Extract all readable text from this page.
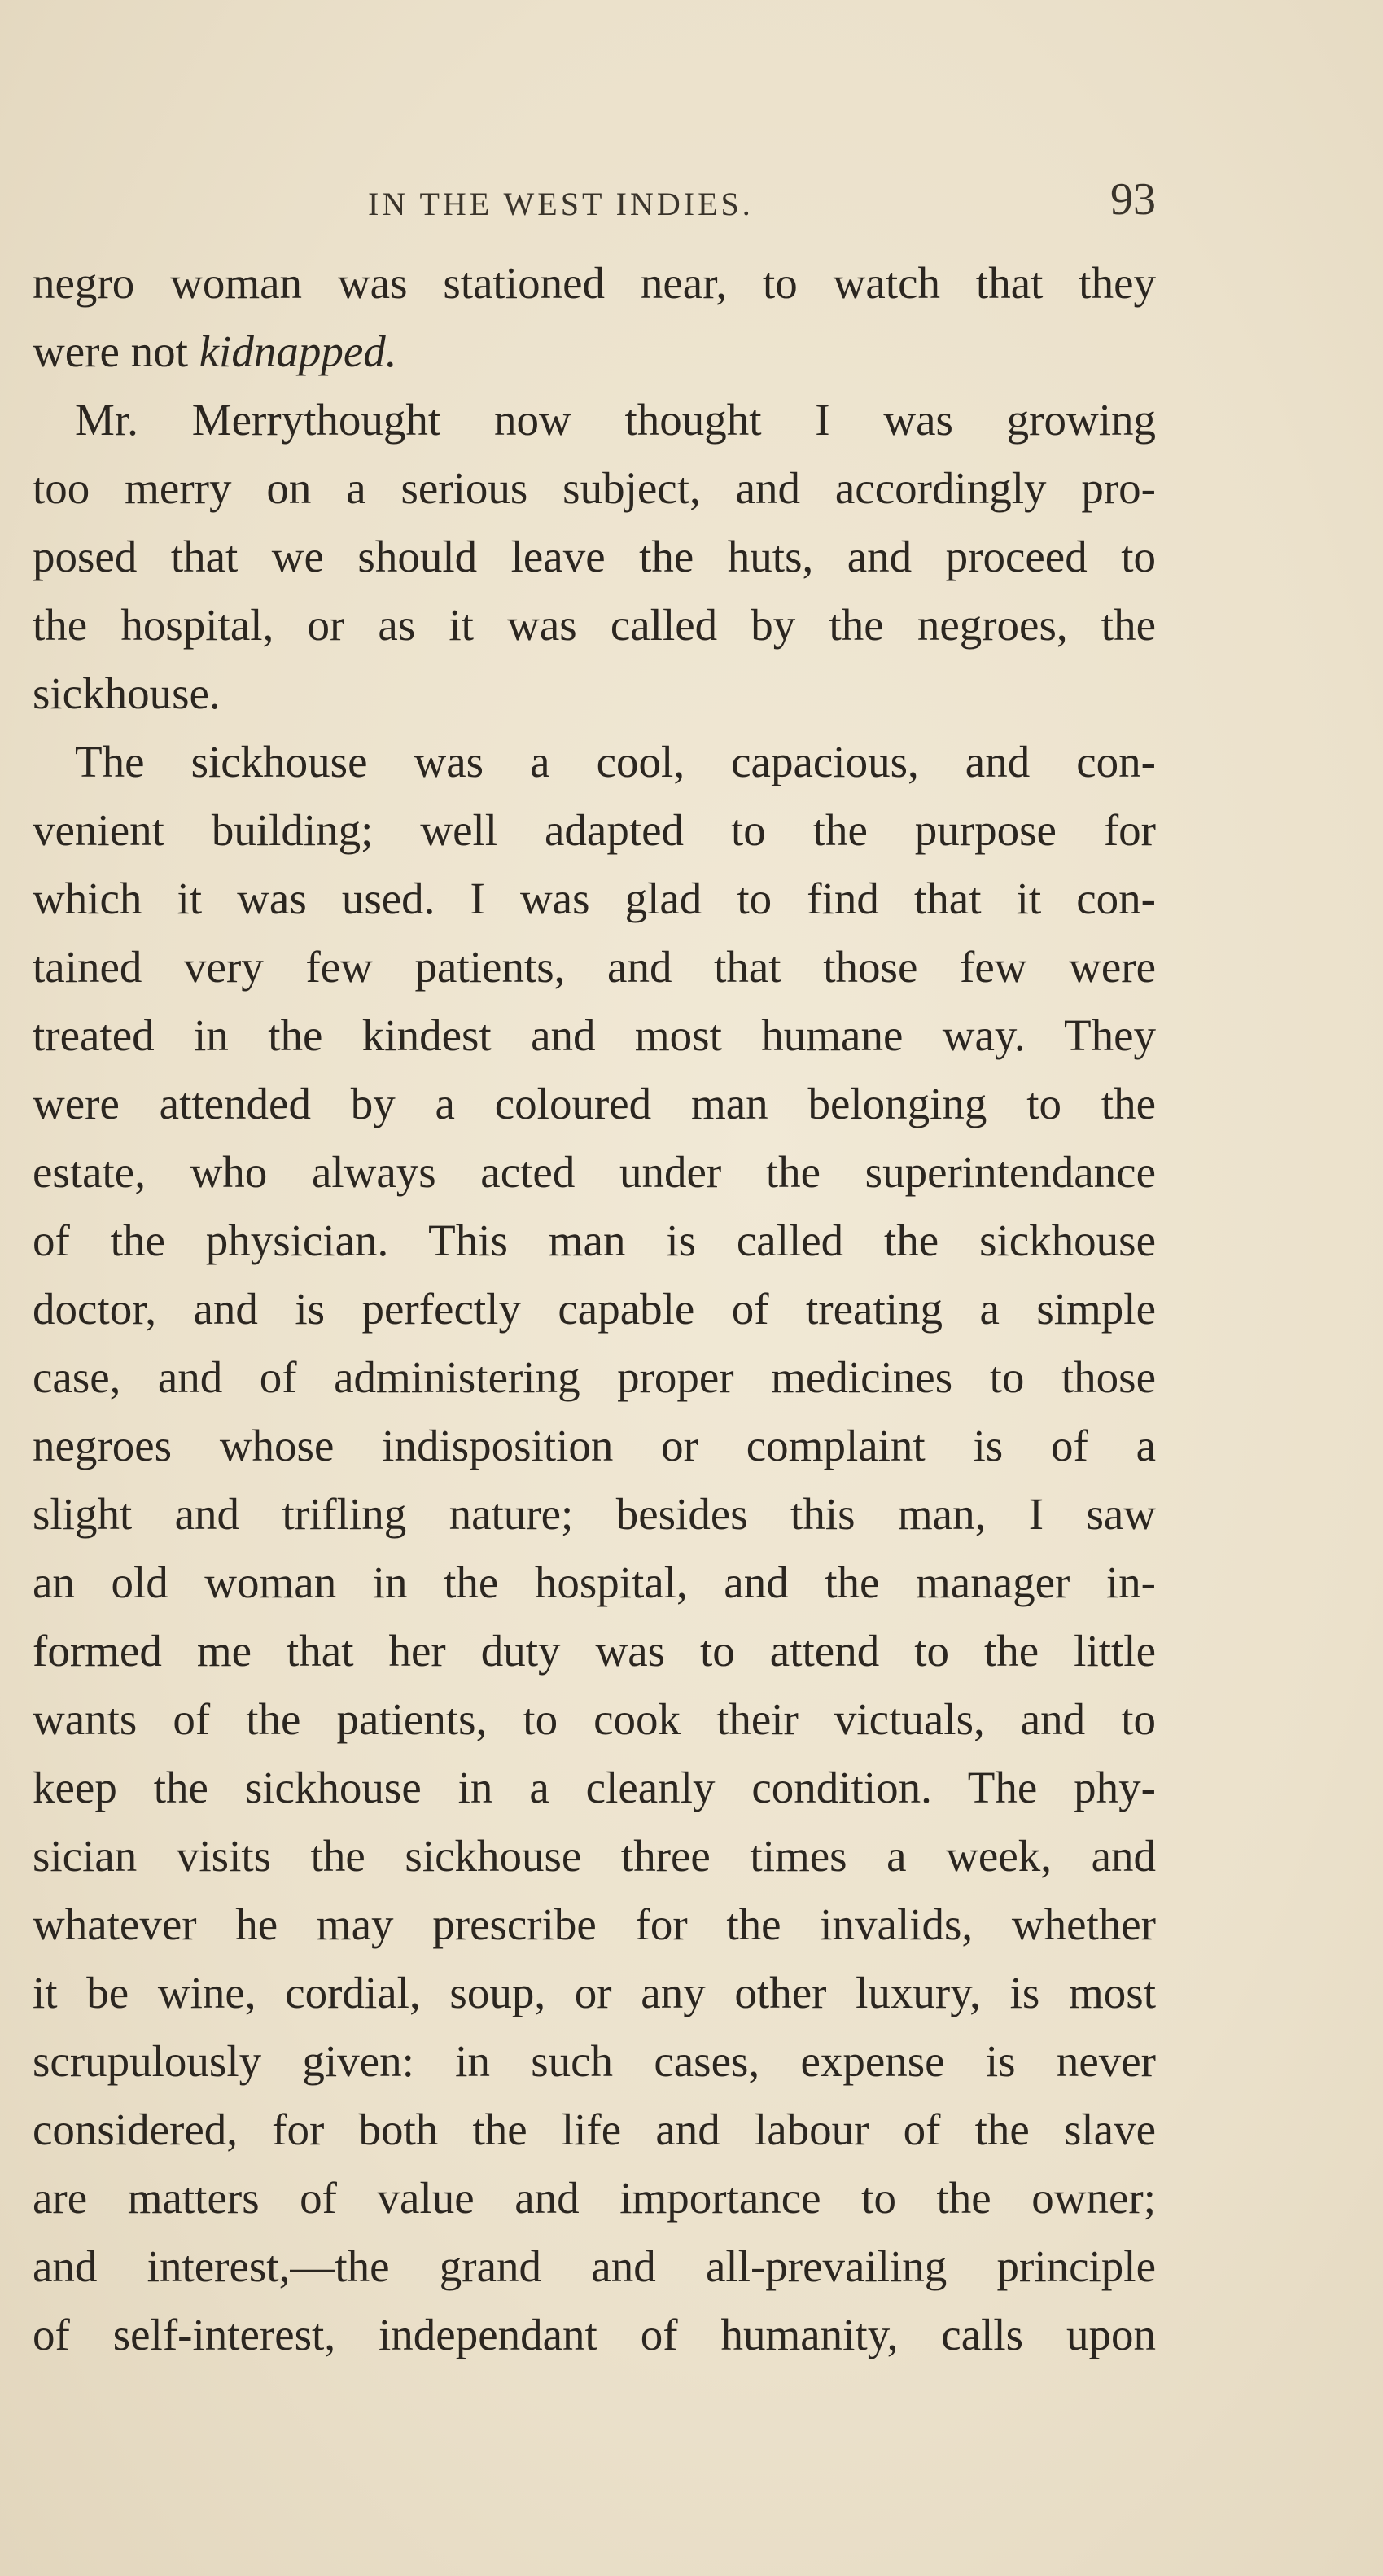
IN THE WEST INDIES.	93
negro woman was stationed near, to watch that they
were not kidnapped.
Mr. Merrythought now thought I was growing
too merry on a serious subject, and accordingly pro-
posed that we should leave the huts, and proceed to
the hospital, or as it was called by the negroes, the
sickhouse.
The sickhouse was a cool, capacious, and con-
venient building; well adapted to the purpose for
which it was used. I was glad to find that it con-
tained very few patients, and that those few were
treated in the kindest and most humane way. They
were attended by a coloured man belonging to the
estate, who always acted under the superintendance
of the physician. This man is called the sickhouse
doctor, and is perfectly capable of treating a simple
case, and of administering proper medicines to those
negroes whose indisposition or complaint is of a
slight and trifling nature; besides this man, I saw
an old woman in the hospital, and the manager in-
formed me that her duty was to attend to the little
wants of the patients, to cook their victuals, and to
keep the sickhouse in a cleanly condition. The phy-
sician visits the sickhouse three times a week, and
whatever he may prescribe for the invalids, whether
it be wine, cordial, soup, or any other luxury, is most
scrupulously given: in such cases, expense is never
considered, for both the life and labour of the slave
are matters of value and importance to the owner;
and interest,—the grand and all-prevailing principle
of self-interest, independant of humanity, calls upon
